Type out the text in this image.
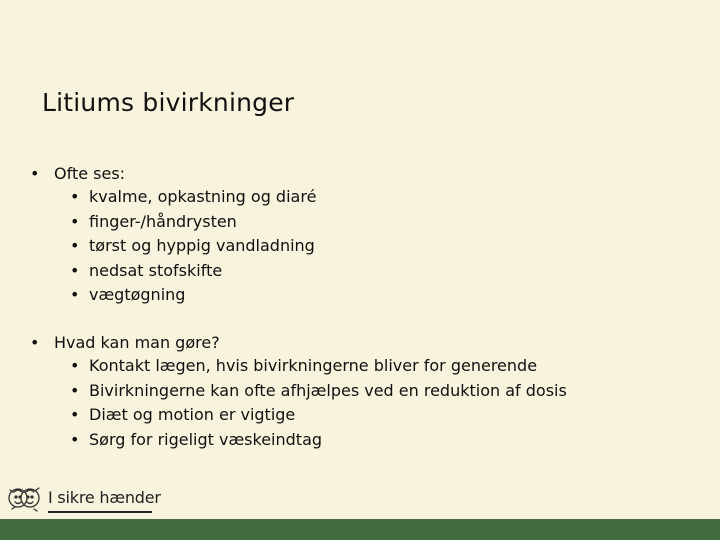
Litiums bivirkninger
• Ofte ses:
• kvalme, opkastning og diaré
• finger-/håndrysten
• tørst og hyppig vandladning
• nedsat stofskifte
• vægtøgning
• Hvad kan man gøre?
• Kontakt lægen, hvis bivirkningerne bliver for generende
• Bivirkningerne kan ofte afhjælpes ved en reduktion af dosis
• Diæt og motion er vigtige
• Sørg for rigeligt væskeindtag
I sikre hænder
